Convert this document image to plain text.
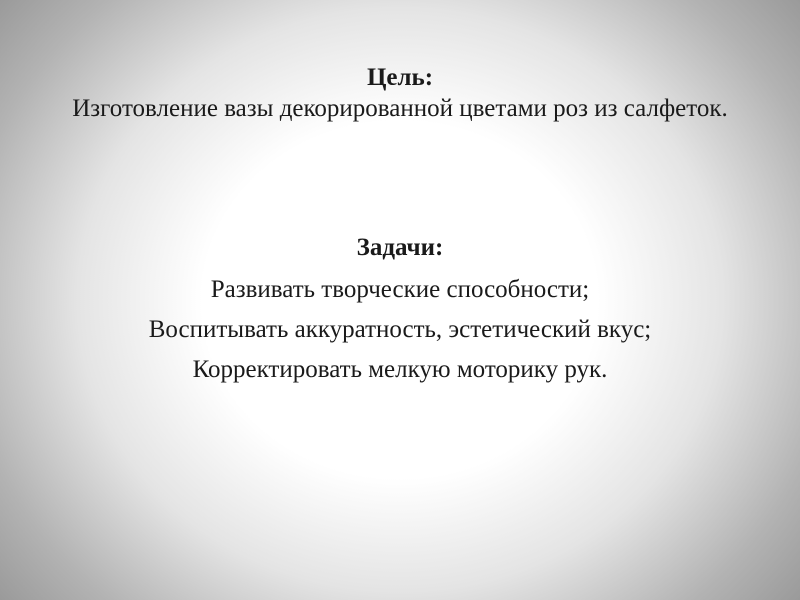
Цель:
Изготовление вазы декорированной цветами роз из салфеток.
Задачи:
Развивать творческие способности;
Воспитывать аккуратность, эстетический вкус;
Корректировать мелкую моторику рук.
